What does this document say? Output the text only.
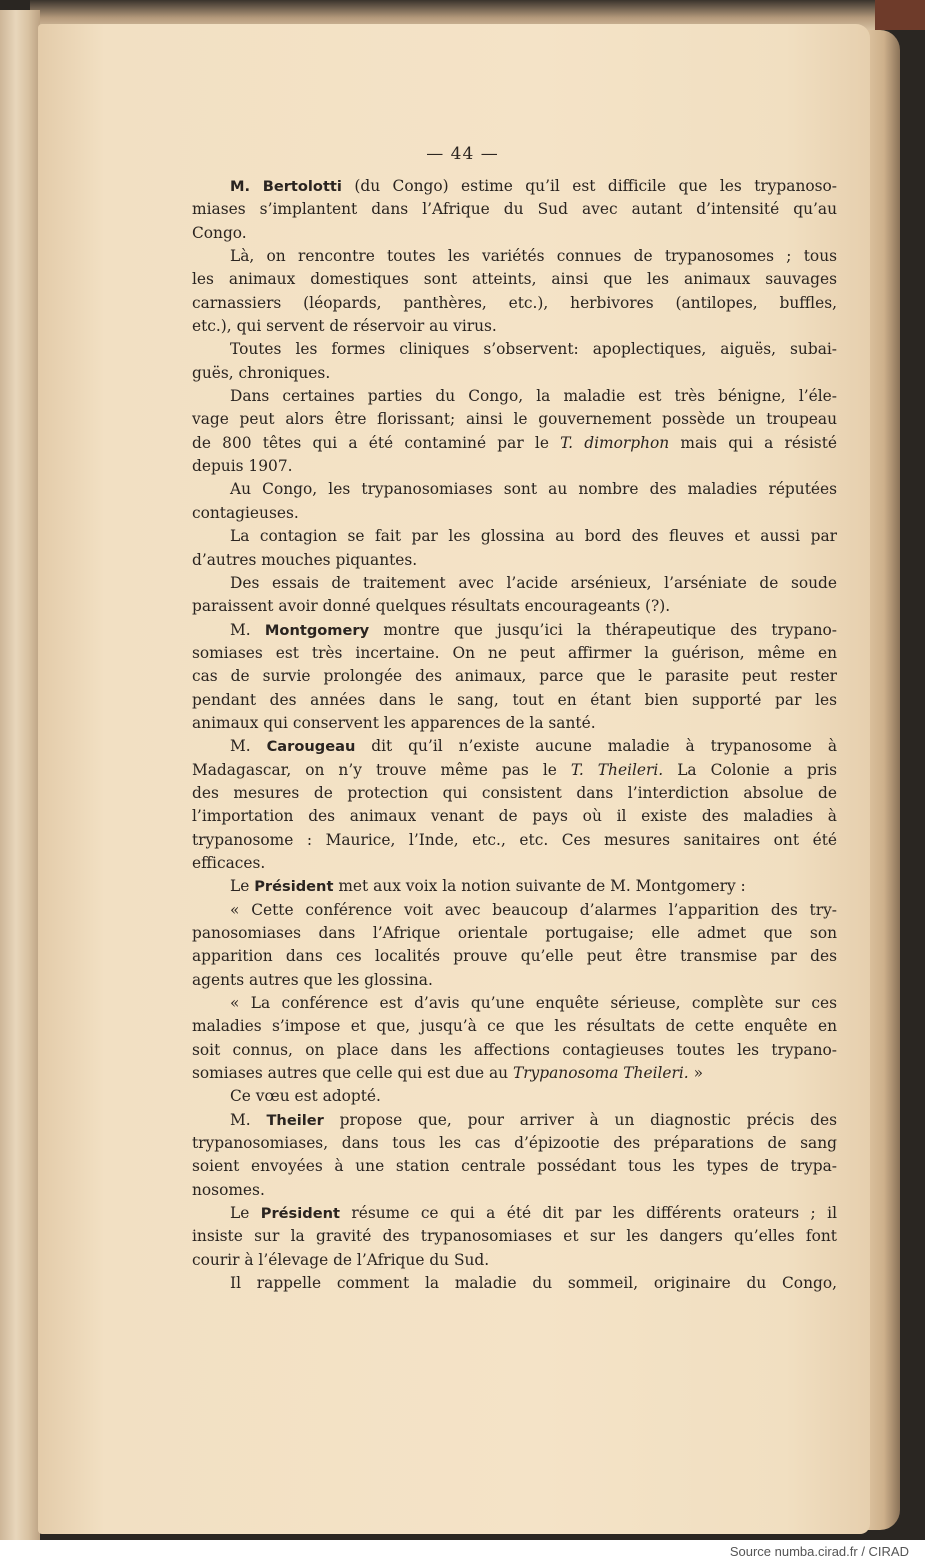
— 44 —
M. Bertolotti (du Congo) estime qu’il est difficile que les trypanoso-
miases s’implantent dans l’Afrique du Sud avec autant d’intensité qu’au
Congo.
Là, on rencontre toutes les variétés connues de trypanosomes ; tous
les animaux domestiques sont atteints, ainsi que les animaux sauvages
carnassiers (léopards, panthères, etc.), herbivores (antilopes, buffles,
etc.), qui servent de réservoir au virus.
Toutes les formes cliniques s’observent: apoplectiques, aiguës, subai-
guës, chroniques.
Dans certaines parties du Congo, la maladie est très bénigne, l’éle-
vage peut alors être florissant; ainsi le gouvernement possède un troupeau
de 800 têtes qui a été contaminé par le T. dimorphon mais qui a résisté
depuis 1907.
Au Congo, les trypanosomiases sont au nombre des maladies réputées
contagieuses.
La contagion se fait par les glossina au bord des fleuves et aussi par
d’autres mouches piquantes.
Des essais de traitement avec l’acide arsénieux, l’arséniate de soude
paraissent avoir donné quelques résultats encourageants (?).
M. Montgomery montre que jusqu’ici la thérapeutique des trypano-
somiases est très incertaine. On ne peut affirmer la guérison, même en
cas de survie prolongée des animaux, parce que le parasite peut rester
pendant des années dans le sang, tout en étant bien supporté par les
animaux qui conservent les apparences de la santé.
M. Carougeau dit qu’il n’existe aucune maladie à trypanosome à
Madagascar, on n’y trouve même pas le T. Theileri. La Colonie a pris
des mesures de protection qui consistent dans l’interdiction absolue de
l’importation des animaux venant de pays où il existe des maladies à
trypanosome : Maurice, l’Inde, etc., etc. Ces mesures sanitaires ont été
efficaces.
Le Président met aux voix la notion suivante de M. Montgomery :
« Cette conférence voit avec beaucoup d’alarmes l’apparition des try-
panosomiases dans l’Afrique orientale portugaise; elle admet que son
apparition dans ces localités prouve qu’elle peut être transmise par des
agents autres que les glossina.
« La conférence est d’avis qu’une enquête sérieuse, complète sur ces
maladies s’impose et que, jusqu’à ce que les résultats de cette enquête en
soit connus, on place dans les affections contagieuses toutes les trypano-
somiases autres que celle qui est due au Trypanosoma Theileri. »
Ce vœu est adopté.
M. Theiler propose que, pour arriver à un diagnostic précis des
trypanosomiases, dans tous les cas d’épizootie des préparations de sang
soient envoyées à une station centrale possédant tous les types de trypa-
nosomes.
Le Président résume ce qui a été dit par les différents orateurs ; il
insiste sur la gravité des trypanosomiases et sur les dangers qu’elles font
courir à l’élevage de l’Afrique du Sud.
Il rappelle comment la maladie du sommeil, originaire du Congo,
Source numba.cirad.fr / CIRAD
